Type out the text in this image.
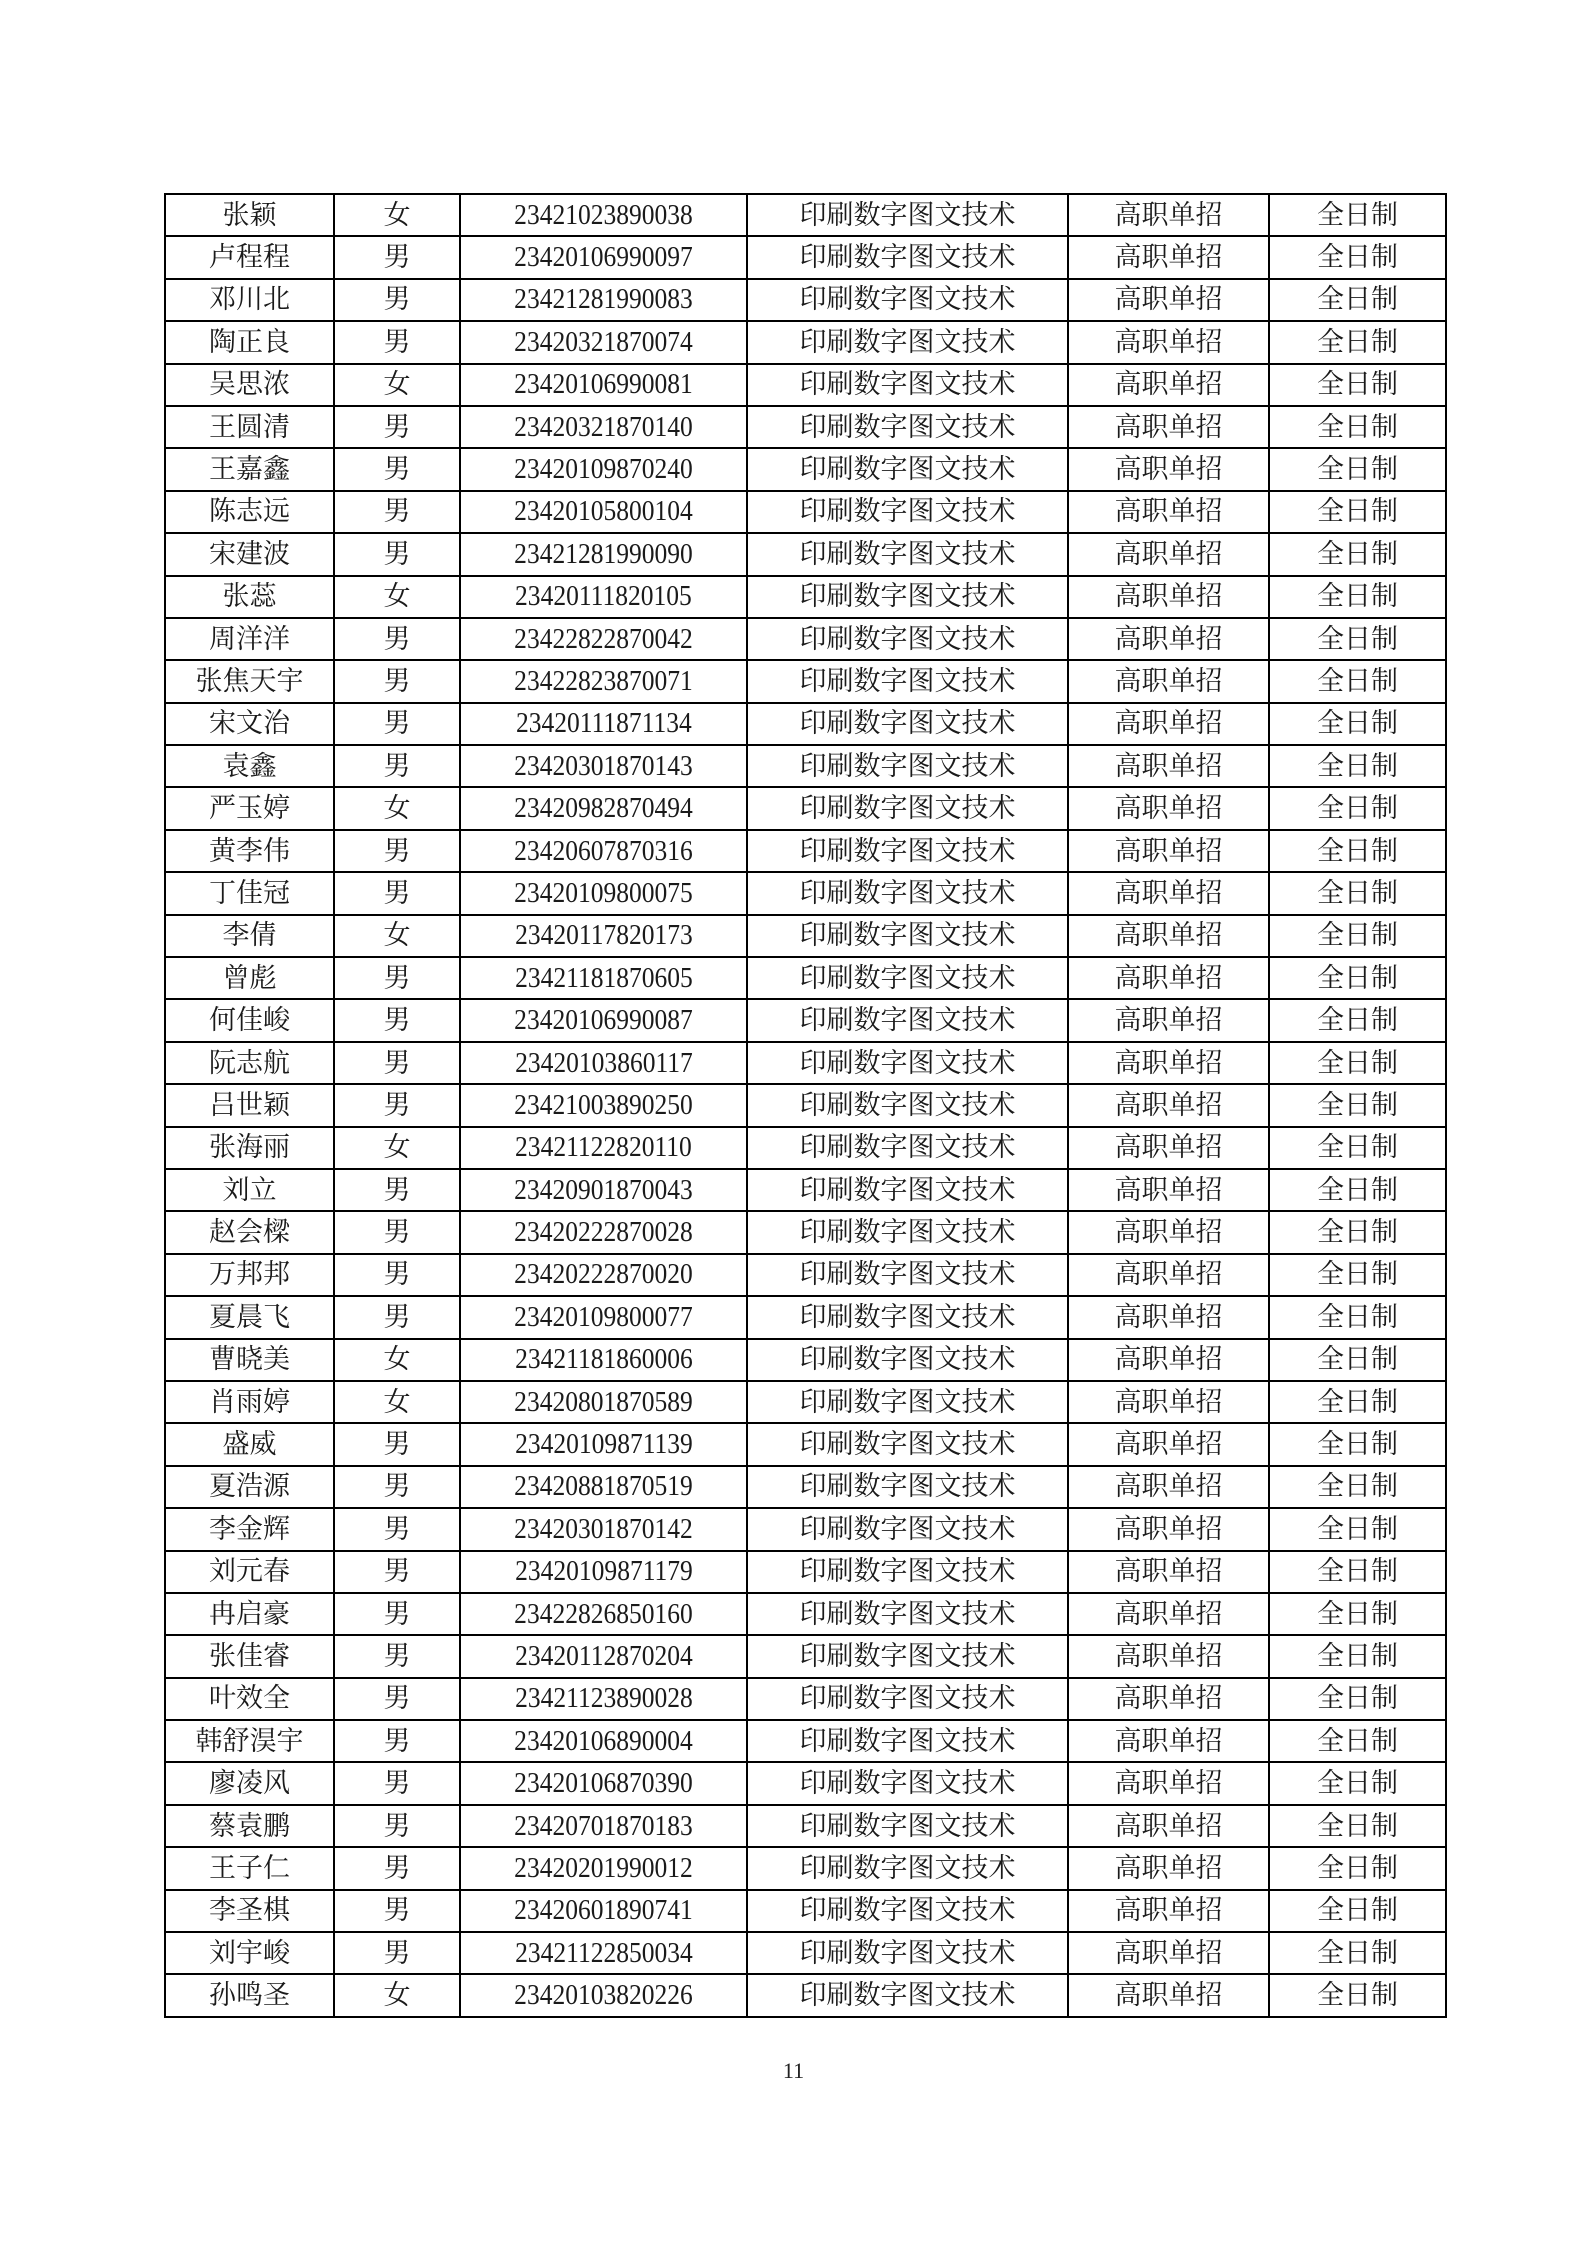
张颖	女	23421023890038	印刷数字图文技术	高职单招	全日制
卢程程	男	23420106990097	印刷数字图文技术	高职单招	全日制
邓川北	男	23421281990083	印刷数字图文技术	高职单招	全日制
陶正良	男	23420321870074	印刷数字图文技术	高职单招	全日制
吴思浓	女	23420106990081	印刷数字图文技术	高职单招	全日制
王圆清	男	23420321870140	印刷数字图文技术	高职单招	全日制
王嘉鑫	男	23420109870240	印刷数字图文技术	高职单招	全日制
陈志远	男	23420105800104	印刷数字图文技术	高职单招	全日制
宋建波	男	23421281990090	印刷数字图文技术	高职单招	全日制
张蕊	女	23420111820105	印刷数字图文技术	高职单招	全日制
周洋洋	男	23422822870042	印刷数字图文技术	高职单招	全日制
张焦天宇	男	23422823870071	印刷数字图文技术	高职单招	全日制
宋文治	男	23420111871134	印刷数字图文技术	高职单招	全日制
袁鑫	男	23420301870143	印刷数字图文技术	高职单招	全日制
严玉婷	女	23420982870494	印刷数字图文技术	高职单招	全日制
黄李伟	男	23420607870316	印刷数字图文技术	高职单招	全日制
丁佳冠	男	23420109800075	印刷数字图文技术	高职单招	全日制
李倩	女	23420117820173	印刷数字图文技术	高职单招	全日制
曾彪	男	23421181870605	印刷数字图文技术	高职单招	全日制
何佳峻	男	23420106990087	印刷数字图文技术	高职单招	全日制
阮志航	男	23420103860117	印刷数字图文技术	高职单招	全日制
吕世颖	男	23421003890250	印刷数字图文技术	高职单招	全日制
张海丽	女	23421122820110	印刷数字图文技术	高职单招	全日制
刘立	男	23420901870043	印刷数字图文技术	高职单招	全日制
赵会樑	男	23420222870028	印刷数字图文技术	高职单招	全日制
万邦邦	男	23420222870020	印刷数字图文技术	高职单招	全日制
夏晨飞	男	23420109800077	印刷数字图文技术	高职单招	全日制
曹晓美	女	23421181860006	印刷数字图文技术	高职单招	全日制
肖雨婷	女	23420801870589	印刷数字图文技术	高职单招	全日制
盛威	男	23420109871139	印刷数字图文技术	高职单招	全日制
夏浩源	男	23420881870519	印刷数字图文技术	高职单招	全日制
李金辉	男	23420301870142	印刷数字图文技术	高职单招	全日制
刘元春	男	23420109871179	印刷数字图文技术	高职单招	全日制
冉启豪	男	23422826850160	印刷数字图文技术	高职单招	全日制
张佳睿	男	23420112870204	印刷数字图文技术	高职单招	全日制
叶效全	男	23421123890028	印刷数字图文技术	高职单招	全日制
韩舒淏宇	男	23420106890004	印刷数字图文技术	高职单招	全日制
廖凌风	男	23420106870390	印刷数字图文技术	高职单招	全日制
蔡袁鹏	男	23420701870183	印刷数字图文技术	高职单招	全日制
王子仁	男	23420201990012	印刷数字图文技术	高职单招	全日制
李圣棋	男	23420601890741	印刷数字图文技术	高职单招	全日制
刘宇峻	男	23421122850034	印刷数字图文技术	高职单招	全日制
孙鸣圣	女	23420103820226	印刷数字图文技术	高职单招	全日制
11
